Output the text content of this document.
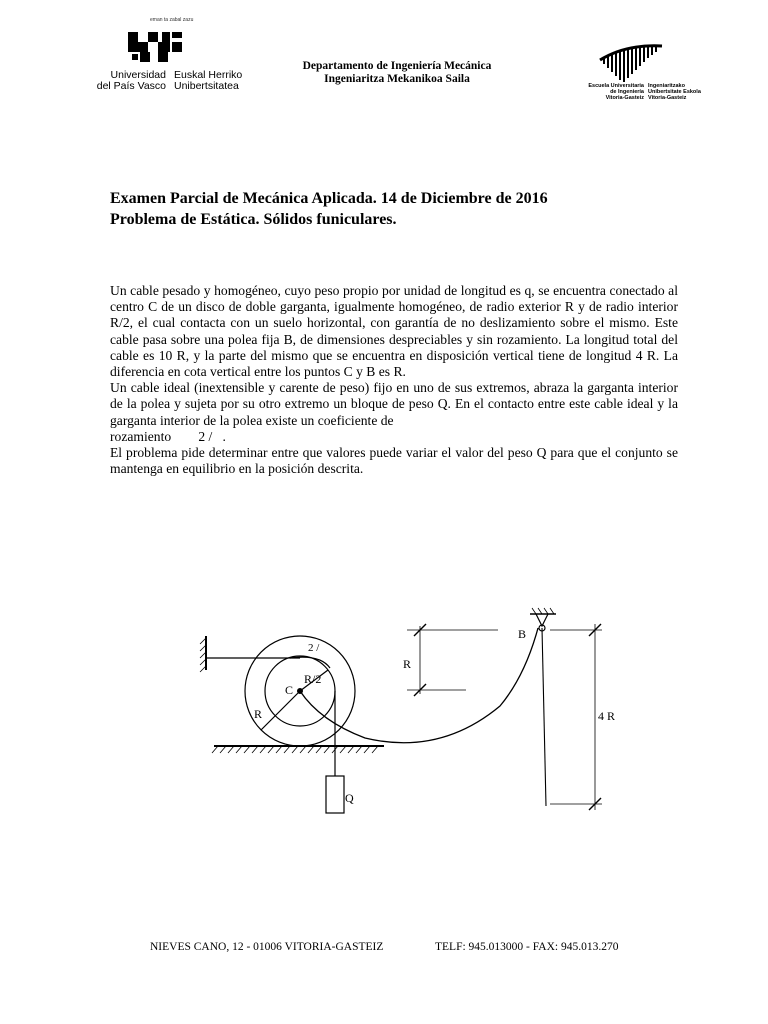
eman ta zabal zazu
Universidad
del País Vasco
Euskal Herriko
Unibertsitatea
Departamento de Ingeniería Mecánica
Ingeniaritza Mekanikoa Saila
Escuela Universitaria
de Ingeniería
Vitoria-Gasteiz
Ingeniaritzako
Unibertsitate Eskola
Vitoria-Gasteiz
Examen Parcial de Mecánica Aplicada. 14 de Diciembre de 2016
Problema de Estática. Sólidos funiculares.

Un cable pesado y homogéneo, cuyo peso propio por unidad de longitud es q, se encuentra conectado al centro C de un disco de doble garganta, igualmente homogéneo, de radio exterior R y de radio interior R/2, el cual contacta con un suelo horizontal, con garantía de no deslizamiento sobre el mismo. Este cable pasa sobre una polea fija B, de dimensiones despreciables y sin rozamiento. La longitud total del cable es 10 R, y la parte del mismo que se encuentra en disposición vertical tiene de longitud 4 R. La diferencia en cota vertical entre los puntos C y B es R.

Un cable ideal (inextensible y carente de peso) fijo en uno de sus extremos, abraza la garganta interior de la polea y sujeta por su otro extremo un bloque de peso Q. En el contacto entre este cable ideal y la garganta interior de la polea existe un coeficiente de

rozamiento        2 /   .

El problema pide determinar entre que valores puede variar el valor del peso Q para que el conjunto se mantenga en equilibrio en la posición descrita.

B
R
4 R
2 /
R/2
C
R
Q
NIEVES CANO, 12 - 01006 VITORIA-GASTEIZ	TELF: 945.013000 - FAX: 945.013.270
